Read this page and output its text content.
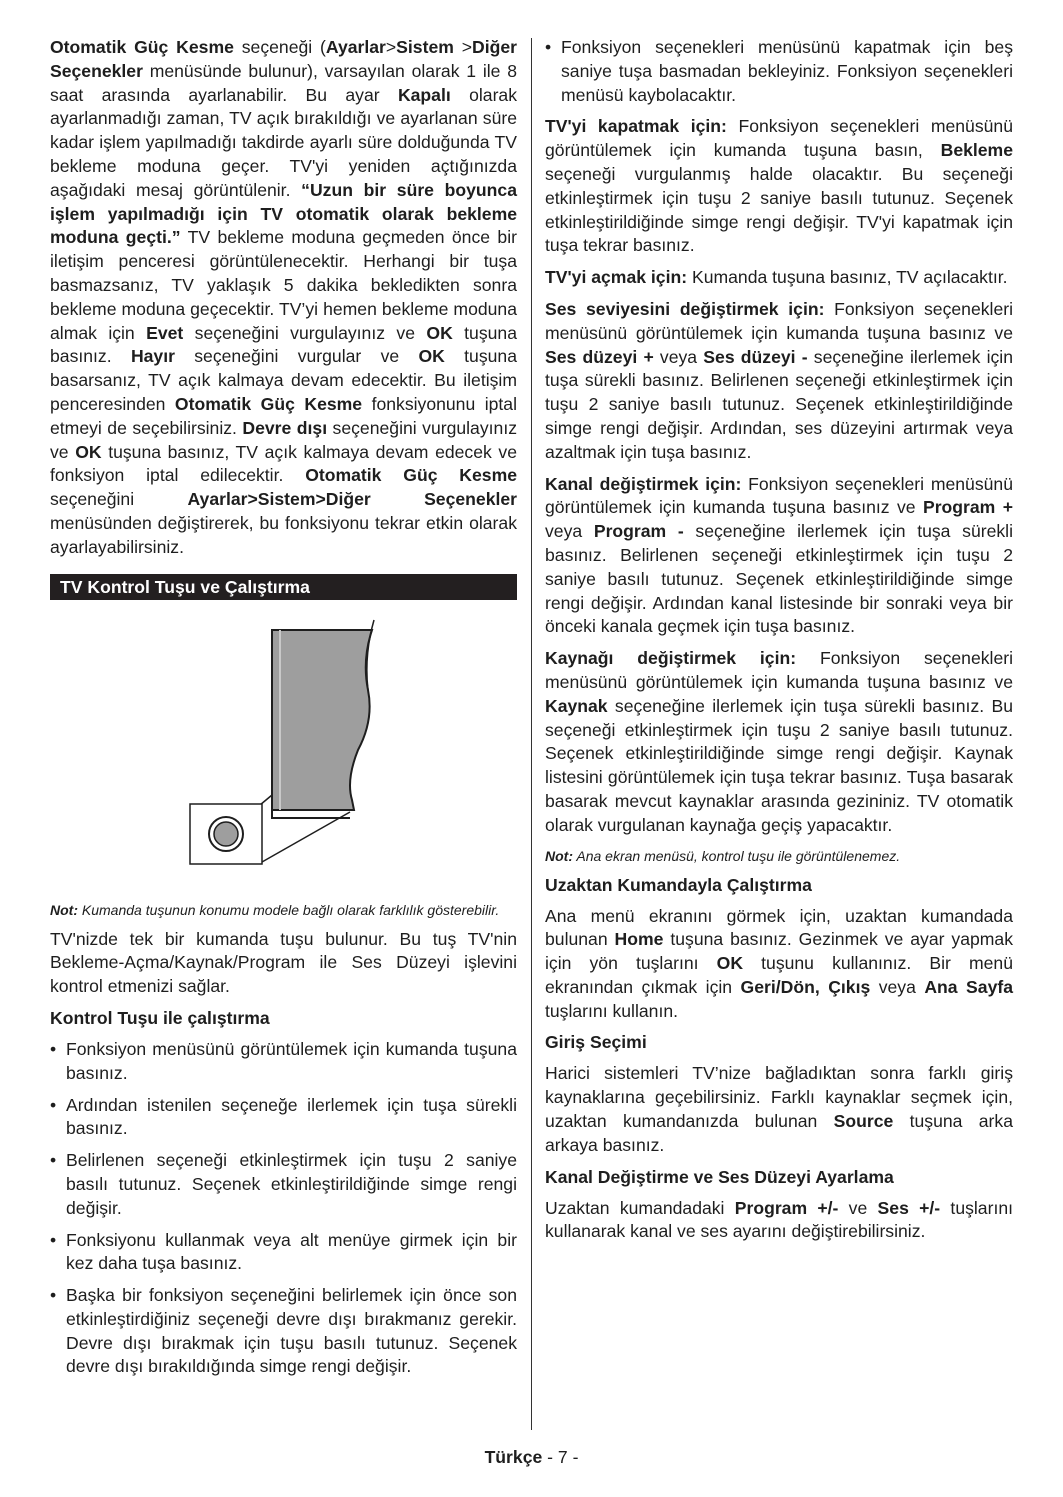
Otomatik Güç Kesme seçeneği (Ayarlar>Sistem >Diğer Seçenekler menüsünde bulunur), varsayılan olarak 1 ile 8 saat arasında ayarlanabilir. Bu ayar Kapalı olarak ayarlanmadığı zaman, TV açık bırakıldığı ve ayarlanan süre kadar işlem yapılmadığı takdirde ayarlı süre dolduğunda TV bekleme moduna geçer. TV'yi yeniden açtığınızda aşağıdaki mesaj görüntülenir. “Uzun bir süre boyunca işlem yapılmadığı için TV otomatik olarak bekleme moduna geçti.” TV bekleme moduna geçmeden önce bir iletişim penceresi görüntülenecektir. Herhangi bir tuşa basmazsanız, TV yaklaşık 5 dakika bekledikten sonra bekleme moduna geçecektir. TV’yi hemen bekleme moduna almak için Evet seçeneğini vurgulayınız ve OK tuşuna basınız. Hayır seçeneğini vurgular ve OK tuşuna basarsanız, TV açık kalmaya devam edecektir. Bu iletişim penceresinden Otomatik Güç Kesme fonksiyonunu iptal etmeyi de seçebilirsiniz. Devre dışı seçeneğini vurgulayınız ve OK tuşuna basınız, TV açık kalmaya devam edecek ve fonksiyon iptal edilecektir. Otomatik Güç Kesme seçeneğini Ayarlar>Sistem>Diğer Seçenekler menüsünden değiştirerek, bu fonksiyonu tekrar etkin olarak ayarlayabilirsiniz.

TV Kontrol Tuşu ve Çalıştırma

Not: Kumanda tuşunun konumu modele bağlı olarak farklılık gösterebilir.

TV'nizde tek bir kumanda tuşu bulunur. Bu tuş TV'nin Bekleme-Açma/Kaynak/Program ile Ses Düzeyi işlevini kontrol etmenizi sağlar.

Kontrol Tuşu ile çalıştırma
• Fonksiyon menüsünü görüntülemek için kumanda tuşuna basınız.
• Ardından istenilen seçeneğe ilerlemek için tuşa sürekli basınız.
• Belirlenen seçeneği etkinleştirmek için tuşu 2 saniye basılı tutunuz. Seçenek etkinleştirildiğinde simge rengi değişir.
• Fonksiyonu kullanmak veya alt menüye girmek için bir kez daha tuşa basınız.
• Başka bir fonksiyon seçeneğini belirlemek için önce son etkinleştirdiğiniz seçeneği devre dışı bırakmanız gerekir. Devre dışı bırakmak için tuşu basılı tutunuz. Seçenek devre dışı bırakıldığında simge rengi değişir.
• Fonksiyon seçenekleri menüsünü kapatmak için beş saniye tuşa basmadan bekleyiniz. Fonksiyon seçenekleri menüsü kaybolacaktır.

TV'yi kapatmak için: Fonksiyon seçenekleri menüsünü görüntülemek için kumanda tuşuna basın, Bekleme seçeneği vurgulanmış halde olacaktır. Bu seçeneği etkinleştirmek için tuşu 2 saniye basılı tutunuz. Seçenek etkinleştirildiğinde simge rengi değişir. TV'yi kapatmak için tuşa tekrar basınız.

TV'yi açmak için: Kumanda tuşuna basınız, TV açılacaktır.

Ses seviyesini değiştirmek için: Fonksiyon seçenekleri menüsünü görüntülemek için kumanda tuşuna basınız ve Ses düzeyi + veya Ses düzeyi - seçeneğine ilerlemek için tuşa sürekli basınız. Belirlenen seçeneği etkinleştirmek için tuşu 2 saniye basılı tutunuz. Seçenek etkinleştirildiğinde simge rengi değişir. Ardından, ses düzeyini artırmak veya azaltmak için tuşa basınız.

Kanal değiştirmek için: Fonksiyon seçenekleri menüsünü görüntülemek için kumanda tuşuna basınız ve Program + veya Program - seçeneğine ilerlemek için tuşa sürekli basınız. Belirlenen seçeneği etkinleştirmek için tuşu 2 saniye basılı tutunuz. Seçenek etkinleştirildiğinde simge rengi değişir. Ardından kanal listesinde bir sonraki veya bir önceki kanala geçmek için tuşa basınız.

Kaynağı değiştirmek için: Fonksiyon seçenekleri menüsünü görüntülemek için kumanda tuşuna basınız ve Kaynak seçeneğine ilerlemek için tuşa sürekli basınız. Bu seçeneği etkinleştirmek için tuşu 2 saniye basılı tutunuz. Seçenek etkinleştirildiğinde simge rengi değişir. Kaynak listesini görüntülemek için tuşa tekrar basınız. Tuşa basarak basarak mevcut kaynaklar arasında gezininiz. TV otomatik olarak vurgulanan kaynağa geçiş yapacaktır.

Not: Ana ekran menüsü, kontrol tuşu ile görüntülenemez.

Uzaktan Kumandayla Çalıştırma

Ana menü ekranını görmek için, uzaktan kumandada bulunan Home tuşuna basınız. Gezinmek ve ayar yapmak için yön tuşlarını OK tuşunu kullanınız. Bir menü ekranından çıkmak için Geri/Dön, Çıkış veya Ana Sayfa tuşlarını kullanın.

Giriş Seçimi

Harici sistemleri TV’nize bağladıktan sonra farklı giriş kaynaklarına geçebilirsiniz. Farklı kaynaklar seçmek için, uzaktan kumandanızda bulunan Source tuşuna arka arkaya basınız.

Kanal Değiştirme ve Ses Düzeyi Ayarlama

Uzaktan kumandadaki Program +/- ve Ses +/- tuşlarını kullanarak kanal ve ses ayarını değiştirebilirsiniz.

Türkçe - 7 -
